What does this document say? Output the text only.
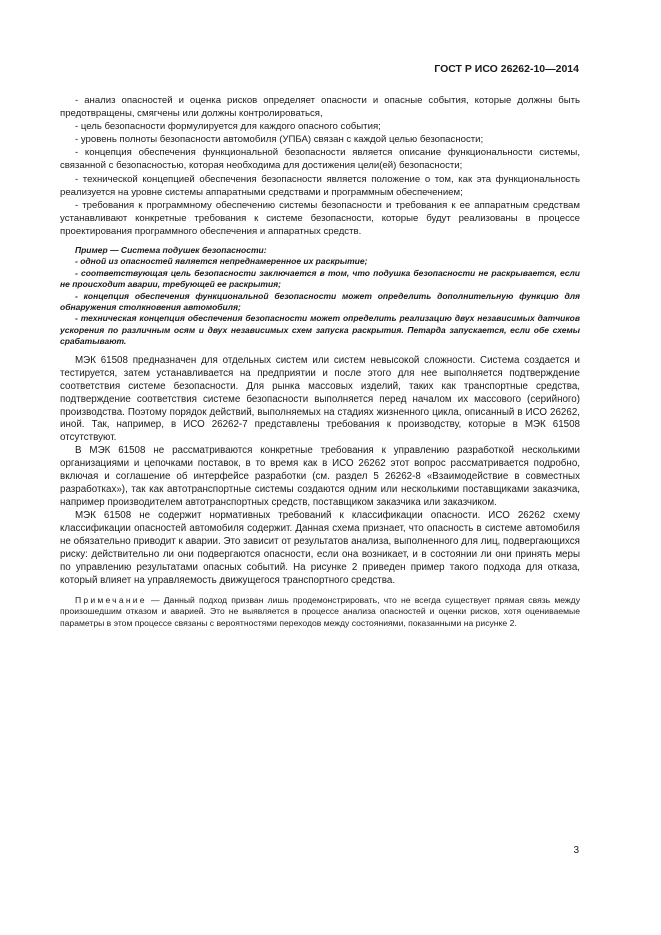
ГОСТ Р ИСО 26262-10—2014

- анализ опасностей и оценка рисков определяет опасности и опасные события, которые должны быть предотвращены, смягчены или должны контролироваться,

- цель безопасности формулируется для каждого опасного события;

- уровень полноты безопасности автомобиля (УПБА) связан с каждой целью безопасности;

- концепция обеспечения функциональной безопасности является описание функциональности системы, связанной с безопасностью, которая необходима для достижения цели(ей) безопасности;

- технической концепцией обеспечения безопасности является положение о том, как эта функциональность реализуется на уровне системы аппаратными средствами и программным обеспечением;

- требования к программному обеспечению системы безопасности и требования к ее аппаратным средствам устанавливают конкретные требования к системе безопасности, которые будут реализованы в процессе проектирования программного обеспечения и аппаратных средств.

Пример — Система подушек безопасности:

- одной из опасностей является непреднамеренное их раскрытие;

- соответствующая цель безопасности заключается в том, что подушка безопасности не раскрывается, если не происходит аварии, требующей ее раскрытия;

- концепция обеспечения функциональной безопасности может определить дополнительную функцию для обнаружения столкновения автомобиля;

- техническая концепция обеспечения безопасности может определить реализацию двух независимых датчиков ускорения по различным осям и двух независимых схем запуска раскрытия. Петарда запускается, если обе схемы срабатывают.

МЭК 61508 предназначен для отдельных систем или систем невысокой сложности. Система создается и тестируется, затем устанавливается на предприятии и после этого для нее выполняется подтверждение соответствия системе безопасности. Для рынка массовых изделий, таких как транспортные средства, подтверждение соответствия системе безопасности выполняется перед началом их массового (серийного) производства. Поэтому порядок действий, выполняемых на стадиях жизненного цикла, описанный в ИСО 26262, иной. Так, например, в ИСО 26262-7 представлены требования к производству, которые в МЭК 61508 отсутствуют.

В МЭК 61508 не рассматриваются конкретные требования к управлению разработкой несколькими организациями и цепочками поставок, в то время как в ИСО 26262 этот вопрос рассматривается подробно, включая и соглашение об интерфейсе разработки (см. раздел 5 26262-8 «Взаимодействие в совместных разработках»), так как автотранспортные системы создаются одним или несколькими поставщиками заказчика, например производителем автотранспортных средств, поставщиком заказчика или заказчиком.

МЭК 61508 не содержит нормативных требований к классификации опасности. ИСО 26262 схему классификации опасностей автомобиля содержит. Данная схема признает, что опасность в системе автомобиля не обязательно приводит к аварии. Это зависит от результатов анализа, выполненного для лиц, подвергающихся риску: действительно ли они подвергаются опасности, если она возникает, и в состоянии ли они принять меры по управлению результатами опасных событий. На рисунке 2 приведен пример такого подхода для отказа, который влияет на управляемость движущегося транспортного средства.

Примечание — Данный подход призван лишь продемонстрировать, что не всегда существует прямая связь между произошедшим отказом и аварией. Это не выявляется в процессе анализа опасностей и оценки рисков, хотя оцениваемые параметры в этом процессе связаны с вероятностями переходов между состояниями, показанными на рисунке 2.

3
